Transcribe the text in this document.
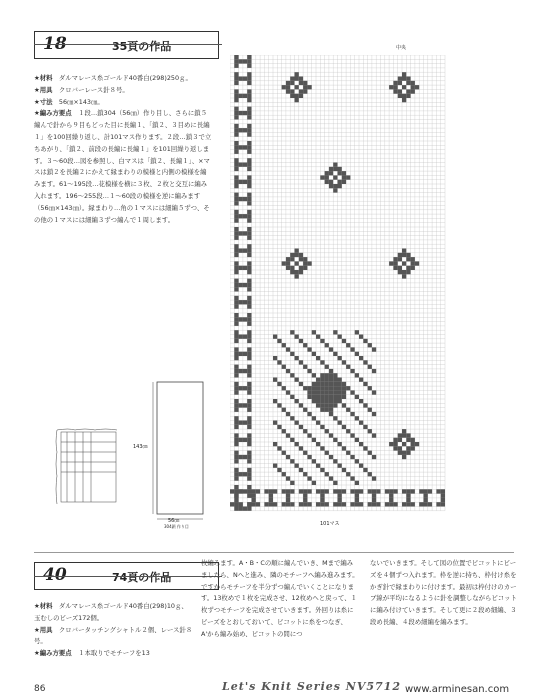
18	35頁の作品
★材料　 ダルマレース糸ゴールド40番白(298)250ｇ。
★用具　 クロバーレース針８号。
★寸法　 56㎝×143㎝。
★編み方要点　 １段…鎖304（56㎝）作り目し、さらに鎖５編んで針から９目もどった目に長編１、「鎖２、３目めに長編１」を100回繰り返し、計101マス作ります。２段…鎖３で立ちあがり、「鎖２、前段の長編に長編１」を101回繰り返します。３～60段…図を参照し、白マスは「鎖２、長編１」、×マスは鎖２を長編２にかえて縁まわりの模様と内側の模様を編みます。61～195段…花模様を横に３枚、２枚と交互に編み入れます。196～255段…１～60段の模様を逆に編みます（56㎝×143㎝）。縁まわり…角の１マスには細編５ずつ、その他の１マスには細編３ずつ編んで１周します。
中央
101マス
143㎝
56㎝
304鎖 作り目
40	74頁の作品
★材料　 ダルマレース糸ゴールド40番白(298)10ｇ、玉むしのビーズ172個。
★用具　 クロバータッチングシャトル２個、レース針８号。
★編み方要点　 １本取りでモチーフを13
枚編みます。A・B・Cの順に編んでいき、Mまで編みましたら、Nへと進み、隣のモチーフへ編み進みます。ですからモチーフを半分ずつ編んでいくことになります。13枚めで１枚を完成させ、12枚めへと戻って、１枚ずつモチーフを完成させていきます。外回りは糸にビーズをとおしておいて、ピコットに糸をつなぎ、A'から編み始め、ピコットの間につ
ないでいきます。そして図の位置でピコットにビーズを４個ずつ入れます。枠を逆に持ち、枠付け糸をかぎ針で縁まわりに付けます。最初は枠付けのカーブ線が平均になるように針を調整しながらピコットに編み付けていきます。そして更に２段め細編、３段め長編、４段め細編を編みます。
86	Let's Knit Series NV5712 www.arminesan.com
